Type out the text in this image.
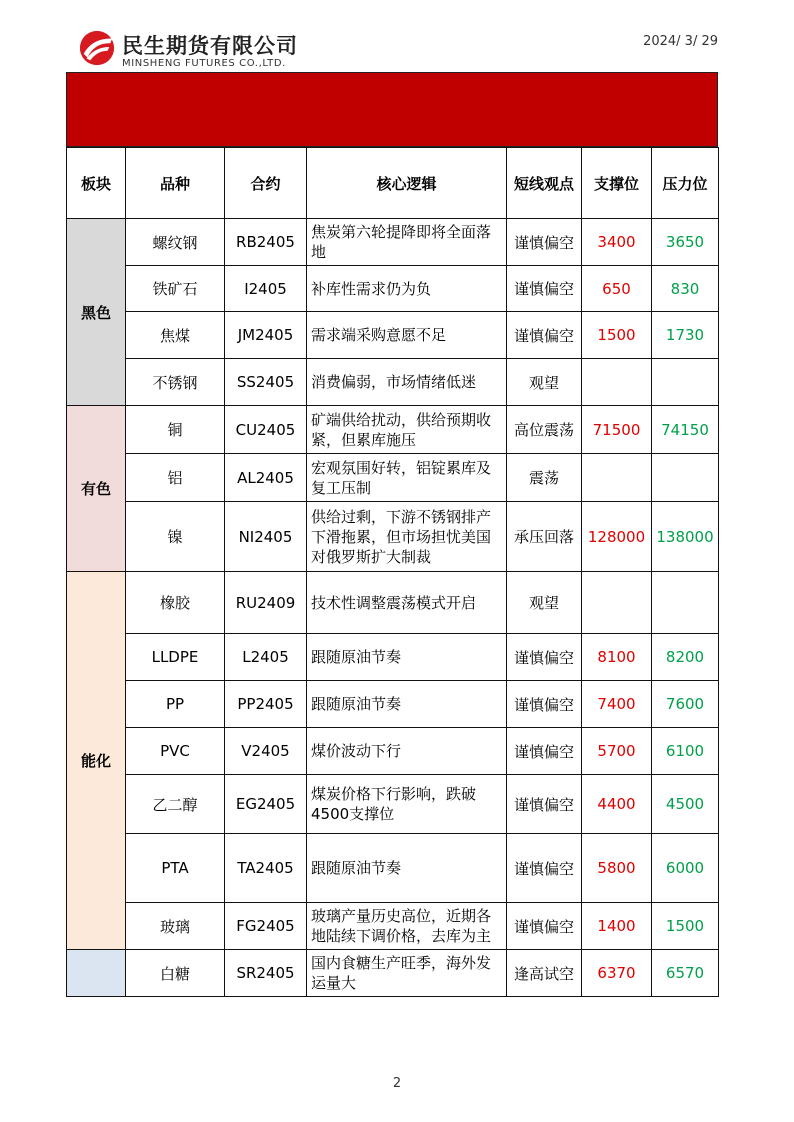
民生期货有限公司
MINSHENG FUTURES CO.,LTD.
2024/ 3/ 29
板块	品种	合约	核心逻辑	短线观点	支撑位	压力位
黑色	螺纹钢	RB2405	焦炭第六轮提降即将全面落地	谨慎偏空	3400	3650
	铁矿石	I2405	补库性需求仍为负	谨慎偏空	650	830
	焦煤	JM2405	需求端采购意愿不足	谨慎偏空	1500	1730
	不锈钢	SS2405	消费偏弱，市场情绪低迷	观望		
有色	铜	CU2405	矿端供给扰动，供给预期收紧，但累库施压	高位震荡	71500	74150
	铝	AL2405	宏观氛围好转，铝锭累库及复工压制	震荡		
	镍	NI2405	供给过剩，下游不锈钢排产下滑拖累，但市场担忧美国对俄罗斯扩大制裁	承压回落	128000	138000
能化	橡胶	RU2409	技术性调整震荡模式开启	观望		
	LLDPE	L2405	跟随原油节奏	谨慎偏空	8100	8200
	PP	PP2405	跟随原油节奏	谨慎偏空	7400	7600
	PVC	V2405	煤价波动下行	谨慎偏空	5700	6100
	乙二醇	EG2405	煤炭价格下行影响，跌破4500支撑位	谨慎偏空	4400	4500
	PTA	TA2405	跟随原油节奏	谨慎偏空	5800	6000
	玻璃	FG2405	玻璃产量历史高位，近期各地陆续下调价格，去库为主	谨慎偏空	1400	1500
	白糖	SR2405	国内食糖生产旺季，海外发运量大	逢高试空	6370	6570
2
